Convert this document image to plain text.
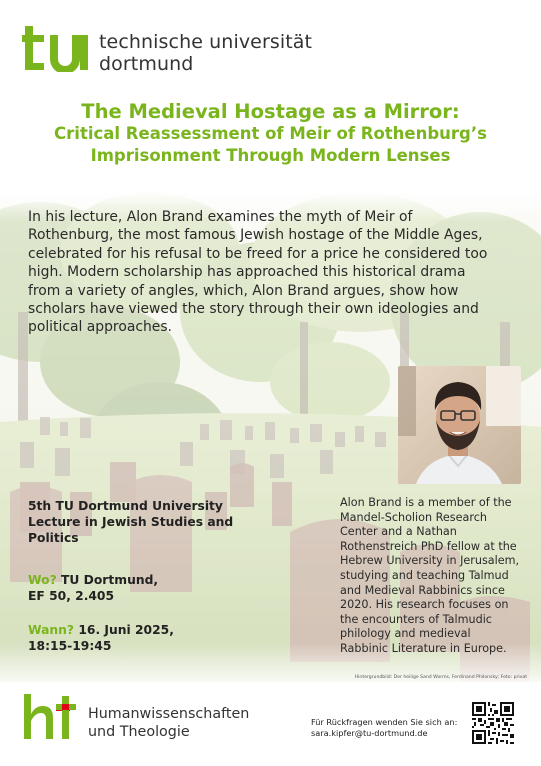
technische universität
dortmund
The Medieval Hostage as a Mirror:
Critical Reassessment of Meir of Rothenburg’s
Imprisonment Through Modern Lenses
In his lecture, Alon Brand examines the myth of Meir of
Rothenburg, the most famous Jewish hostage of the Middle Ages,
celebrated for his refusal to be freed for a price he considered too
high. Modern scholarship has approached this historical drama
from a variety of angles, which, Alon Brand argues, show how
scholars have viewed the story through their own ideologies and
political approaches.
5th TU Dortmund University
Lecture in Jewish Studies and
Politics
Wo? TU Dortmund,
EF 50, 2.405
Wann? 16. Juni 2025,
18:15-19:45
Alon Brand is a member of the
Mandel-Scholion Research
Center and a Nathan
Rothenstreich PhD fellow at the
Hebrew University in Jerusalem,
studying and teaching Talmud
and Medieval Rabbinics since
2020. His research focuses on
the encounters of Talmudic
philology and medieval
Rabbinic Literature in Europe.
Hintergrundbild: Der heilige Sand Worms, Ferdinand Philonsky; Foto: privat
Humanwissenschaften
und Theologie
Für Rückfragen wenden Sie sich an:
sara.kipfer@tu-dortmund.de
